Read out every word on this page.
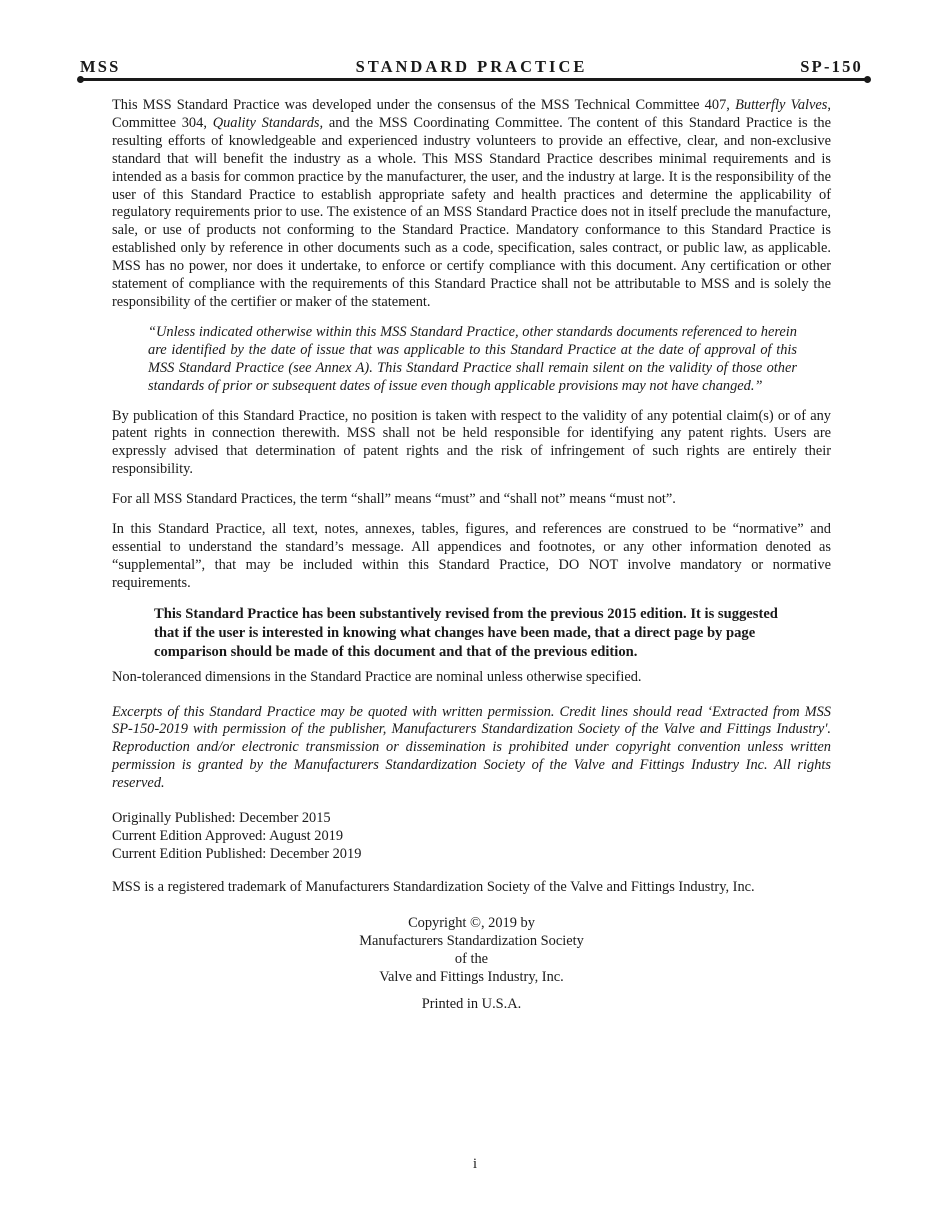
MSS	STANDARD PRACTICE	SP-150

This MSS Standard Practice was developed under the consensus of the MSS Technical Committee 407, Butterfly Valves, Committee 304, Quality Standards, and the MSS Coordinating Committee. The content of this Standard Practice is the resulting efforts of knowledgeable and experienced industry volunteers to provide an effective, clear, and non-exclusive standard that will benefit the industry as a whole. This MSS Standard Practice describes minimal requirements and is intended as a basis for common practice by the manufacturer, the user, and the industry at large. It is the responsibility of the user of this Standard Practice to establish appropriate safety and health practices and determine the applicability of regulatory requirements prior to use. The existence of an MSS Standard Practice does not in itself preclude the manufacture, sale, or use of products not conforming to the Standard Practice. Mandatory conformance to this Standard Practice is established only by reference in other documents such as a code, specification, sales contract, or public law, as applicable. MSS has no power, nor does it undertake, to enforce or certify compliance with this document. Any certification or other statement of compliance with the requirements of this Standard Practice shall not be attributable to MSS and is solely the responsibility of the certifier or maker of the statement.

“Unless indicated otherwise within this MSS Standard Practice, other standards documents referenced to herein are identified by the date of issue that was applicable to this Standard Practice at the date of approval of this MSS Standard Practice (see Annex A). This Standard Practice shall remain silent on the validity of those other standards of prior or subsequent dates of issue even though applicable provisions may not have changed.”

By publication of this Standard Practice, no position is taken with respect to the validity of any potential claim(s) or of any patent rights in connection therewith. MSS shall not be held responsible for identifying any patent rights. Users are expressly advised that determination of patent rights and the risk of infringement of such rights are entirely their responsibility.

For all MSS Standard Practices, the term “shall” means “must” and “shall not” means “must not”.

In this Standard Practice, all text, notes, annexes, tables, figures, and references are construed to be “normative” and essential to understand the standard’s message. All appendices and footnotes, or any other information denoted as “supplemental”, that may be included within this Standard Practice, DO NOT involve mandatory or normative requirements.

This Standard Practice has been substantively revised from the previous 2015 edition. It is suggested that if the user is interested in knowing what changes have been made, that a direct page by page comparison should be made of this document and that of the previous edition.

Non-toleranced dimensions in the Standard Practice are nominal unless otherwise specified.

Excerpts of this Standard Practice may be quoted with written permission. Credit lines should read ‘Extracted from MSS SP-150-2019 with permission of the publisher, Manufacturers Standardization Society of the Valve and Fittings Industry'. Reproduction and/or electronic transmission or dissemination is prohibited under copyright convention unless written permission is granted by the Manufacturers Standardization Society of the Valve and Fittings Industry Inc. All rights reserved.

Originally Published: December 2015
Current Edition Approved: August 2019
Current Edition Published: December 2019

MSS is a registered trademark of Manufacturers Standardization Society of the Valve and Fittings Industry, Inc.

Copyright ©, 2019 by
Manufacturers Standardization Society
of the
Valve and Fittings Industry, Inc.
Printed in U.S.A.
i
